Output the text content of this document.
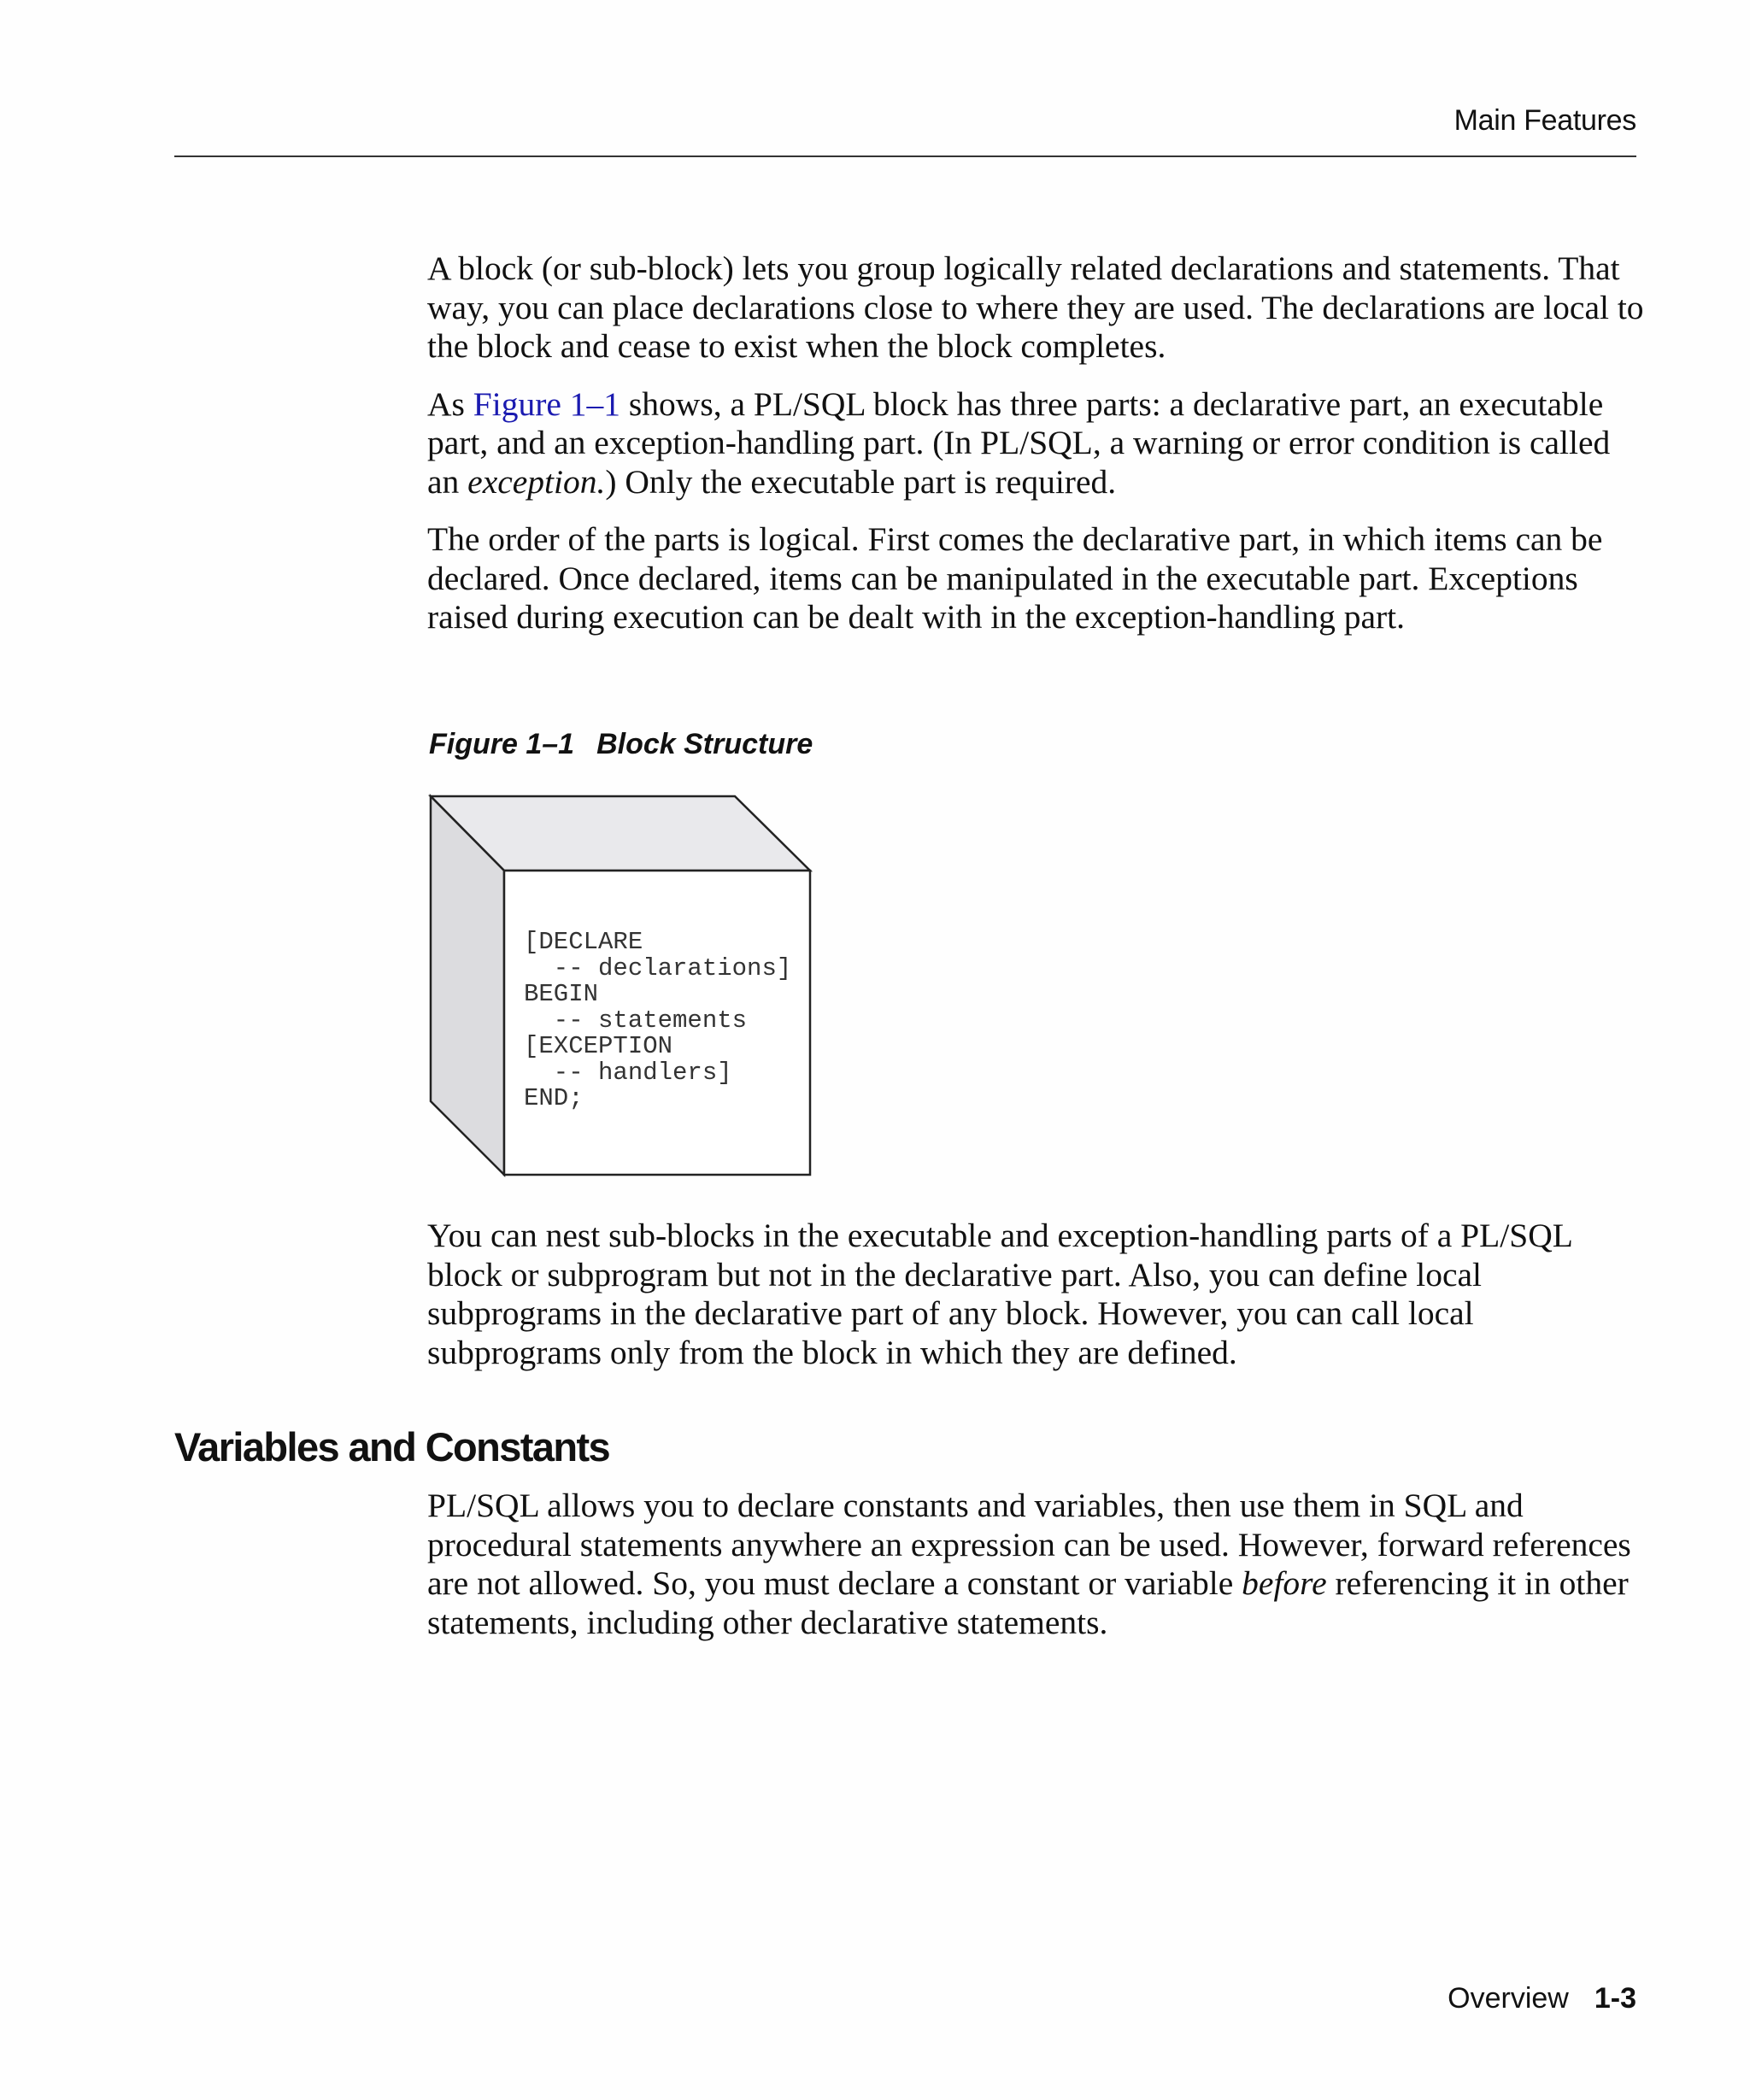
Main Features

A block (or sub-block) lets you group logically related declarations and statements. That way, you can place declarations close to where they are used. The declarations are local to the block and cease to exist when the block completes.

As Figure 1–1 shows, a PL/SQL block has three parts: a declarative part, an executable part, and an exception-handling part. (In PL/SQL, a warning or error condition is called an exception.) Only the executable part is required.

The order of the parts is logical. First comes the declarative part, in which items can be declared. Once declared, items can be manipulated in the executable part. Exceptions raised during execution can be dealt with in the exception-handling part.

Figure 1–1 Block Structure
[DECLARE
-- declarations]
BEGIN
-- statements
[EXCEPTION
-- handlers]
END;

You can nest sub-blocks in the executable and exception-handling parts of a PL/SQL block or subprogram but not in the declarative part. Also, you can define local subprograms in the declarative part of any block. However, you can call local subprograms only from the block in which they are defined.

Variables and Constants

PL/SQL allows you to declare constants and variables, then use them in SQL and procedural statements anywhere an expression can be used. However, forward references are not allowed. So, you must declare a constant or variable before referencing it in other statements, including other declarative statements.

Overview 1-3
